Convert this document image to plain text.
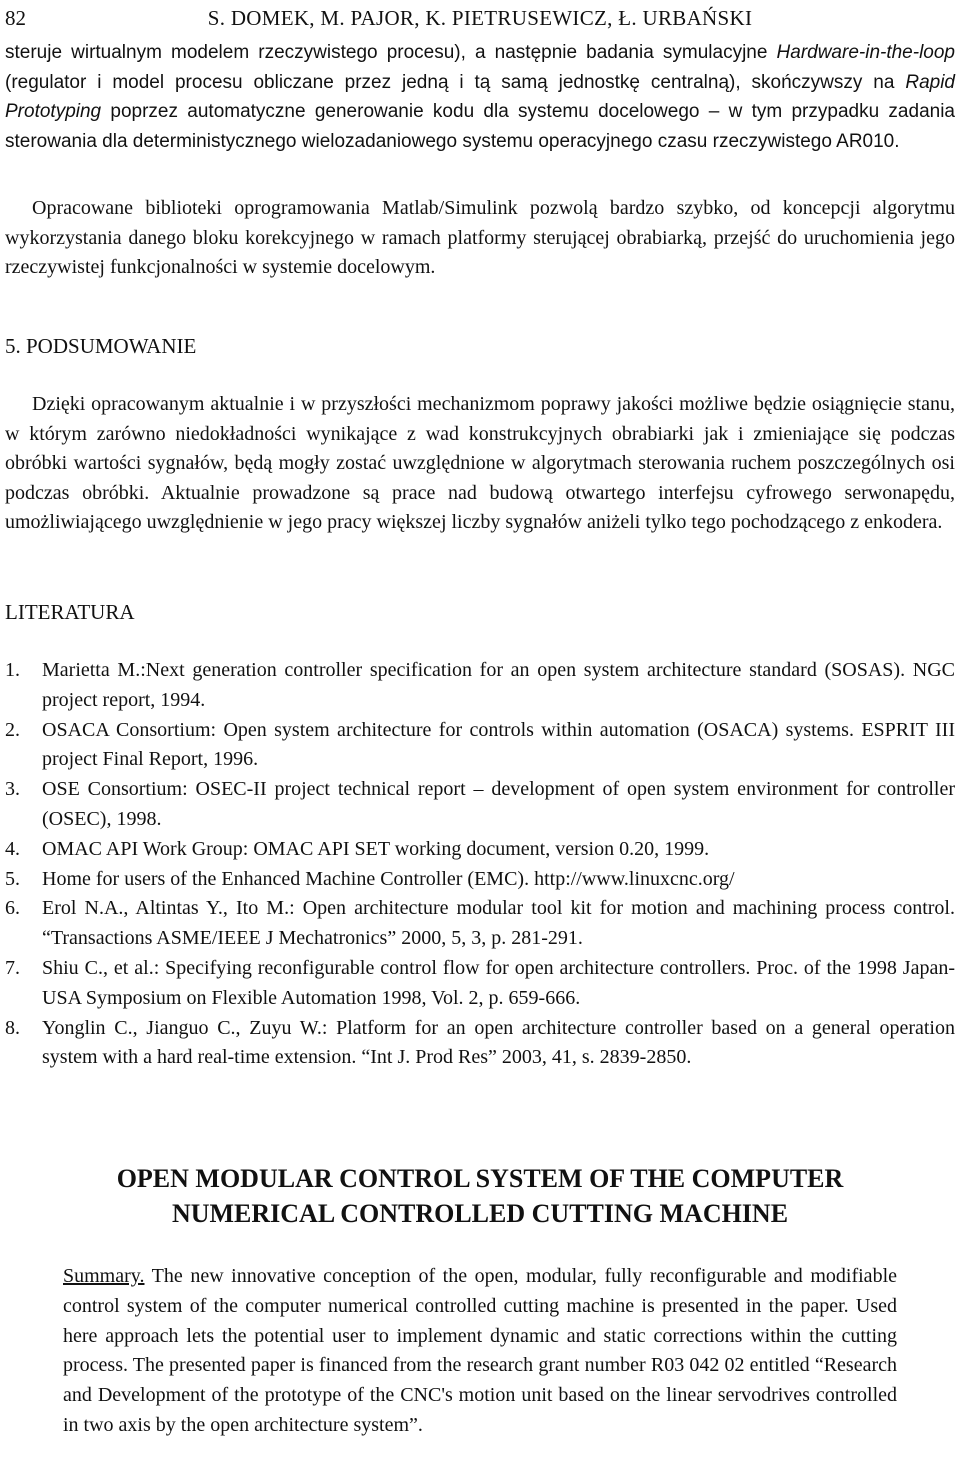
82	S. DOMEK, M. PAJOR, K. PIETRUSEWICZ, Ł. URBAŃSKI

steruje wirtualnym modelem rzeczywistego procesu), a następnie badania symulacyjne Hardware-in-the-loop (regulator i model procesu obliczane przez jedną i tą samą jednostkę centralną), skończywszy na Rapid Prototyping poprzez automatyczne generowanie kodu dla systemu docelowego – w tym przypadku zadania sterowania dla deterministycznego wielozadaniowego systemu operacyjnego czasu rzeczywistego AR010.

Opracowane biblioteki oprogramowania Matlab/Simulink pozwolą bardzo szybko, od koncepcji algorytmu wykorzystania danego bloku korekcyjnego w ramach platformy sterującej obrabiarką, przejść do uruchomienia jego rzeczywistej funkcjonalności w systemie docelowym.

5. PODSUMOWANIE

Dzięki opracowanym aktualnie i w przyszłości mechanizmom poprawy jakości możliwe będzie osiągnięcie stanu, w którym zarówno niedokładności wynikające z wad konstrukcyjnych obrabiarki jak i zmieniające się podczas obróbki wartości sygnałów, będą mogły zostać uwzględnione w algorytmach sterowania ruchem poszczególnych osi podczas obróbki. Aktualnie prowadzone są prace nad budową otwartego interfejsu cyfrowego serwonapędu, umożliwiającego uwzględnienie w jego pracy większej liczby sygnałów aniżeli tylko tego pochodzącego z enkodera.

LITERATURA
1. Marietta M.:Next generation controller specification for an open system architecture standard (SOSAS). NGC project report, 1994.
2. OSACA Consortium: Open system architecture for controls within automation (OSACA) systems. ESPRIT III project Final Report, 1996.
3. OSE Consortium: OSEC-II project technical report – development of open system environment for controller (OSEC), 1998.
4. OMAC API Work Group: OMAC API SET working document, version 0.20, 1999.
5. Home for users of the Enhanced Machine Controller (EMC). http://www.linuxcnc.org/
6. Erol N.A., Altintas Y., Ito M.: Open architecture modular tool kit for motion and machining process control. “Transactions ASME/IEEE J Mechatronics” 2000, 5, 3, p. 281-291.
7. Shiu C., et al.: Specifying reconfigurable control flow for open architecture controllers. Proc. of the 1998 Japan-USA Symposium on Flexible Automation 1998, Vol. 2, p. 659-666.
8. Yonglin C., Jianguo C., Zuyu W.: Platform for an open architecture controller based on a general operation system with a hard real-time extension. “Int J. Prod Res” 2003, 41, s. 2839-2850.
OPEN MODULAR CONTROL SYSTEM OF THE COMPUTER
NUMERICAL CONTROLLED CUTTING MACHINE

Summary. The new innovative conception of the open, modular, fully reconfigurable and modifiable control system of the computer numerical controlled cutting machine is presented in the paper. Used here approach lets the potential user to implement dynamic and static corrections within the cutting process. The presented paper is financed from the research grant number R03 042 02 entitled “Research and Development of the prototype of the CNC's motion unit based on the linear servodrives controlled in two axis by the open architecture system”.
